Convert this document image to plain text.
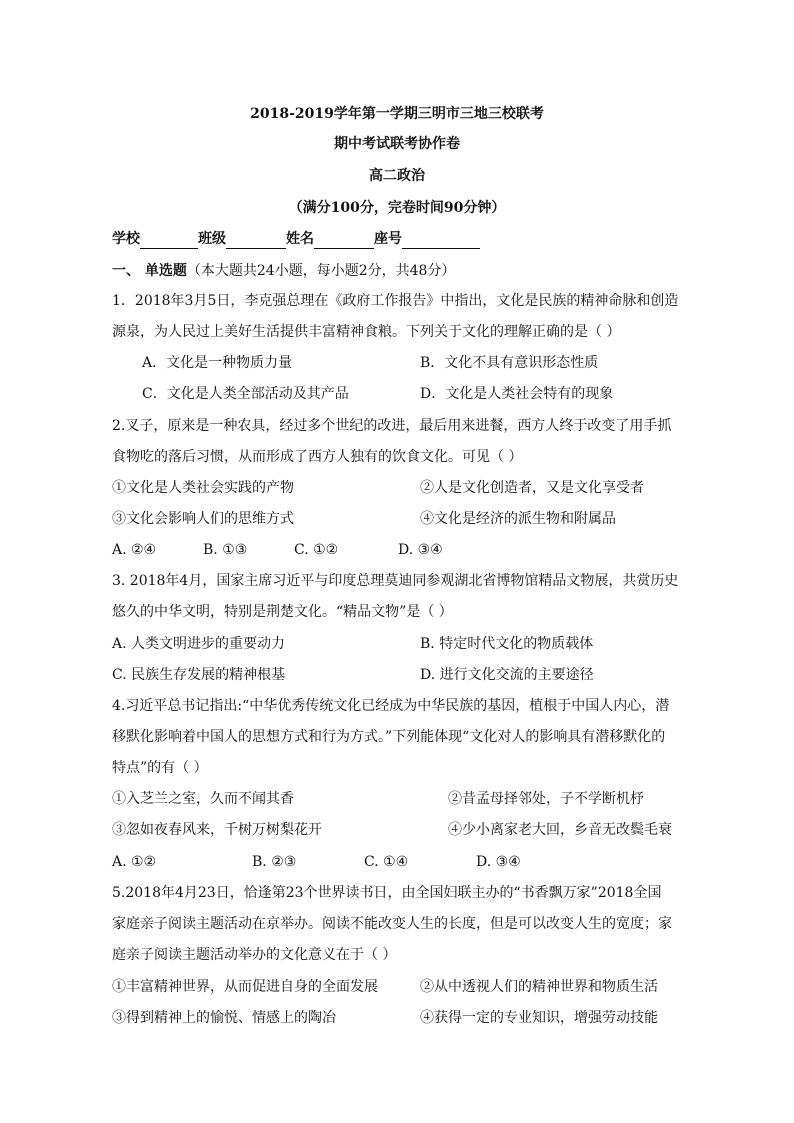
2018-2019学年第一学期三明市三地三校联考
期中考试联考协作卷
高二政治
（满分100分，完卷时间90分钟）
学校	班级	姓名	座号
一、 单选题（本大题共24小题，每小题2分，共48分）
1．2018年3月5日，李克强总理在《政府工作报告》中指出，文化是民族的精神命脉和创造
源泉，为人民过上美好生活提供丰富精神食粮。下列关于文化的理解正确的是（ ）
A．文化是一种物质力量	B．文化不具有意识形态性质
C．文化是人类全部活动及其产品	D．文化是人类社会特有的现象
2.叉子，原来是一种农具，经过多个世纪的改进，最后用来进餐，西方人终于改变了用手抓
食物吃的落后习惯，从而形成了西方人独有的饮食文化。可见（ ）
①文化是人类社会实践的产物	②人是文化创造者，又是文化享受者
③文化会影响人们的思维方式	④文化是经济的派生物和附属品
A. ②④	B. ①③	C. ①②	D. ③④
3. 2018年4月，国家主席习近平与印度总理莫迪同参观湖北省博物馆精品文物展，共赏历史
悠久的中华文明，特别是荆楚文化。“精品文物”是（ ）
A. 人类文明进步的重要动力	B. 特定时代文化的物质载体
C. 民族生存发展的精神根基	D. 进行文化交流的主要途径
4.习近平总书记指出:“中华优秀传统文化已经成为中华民族的基因，植根于中国人内心，潜
移默化影响着中国人的思想方式和行为方式。”下列能体现“文化对人的影响具有潜移默化的
特点”的有（ ）
①入芝兰之室，久而不闻其香	②昔孟母择邻处，子不学断机杼
③忽如夜春风来，千树万树梨花开	④少小离家老大回，乡音无改鬓毛衰
A. ①②	B. ②③	C. ①④	D. ③④
5.2018年4月23日，恰逢第23个世界读书日，由全国妇联主办的“书香飘万家”2018全国
家庭亲子阅读主题活动在京举办。阅读不能改变人生的长度，但是可以改变人生的宽度；家
庭亲子阅读主题活动举办的文化意义在于（ ）
①丰富精神世界，从而促进自身的全面发展	②从中透视人们的精神世界和物质生活
③得到精神上的愉悦、情感上的陶冶	④获得一定的专业知识，增强劳动技能
